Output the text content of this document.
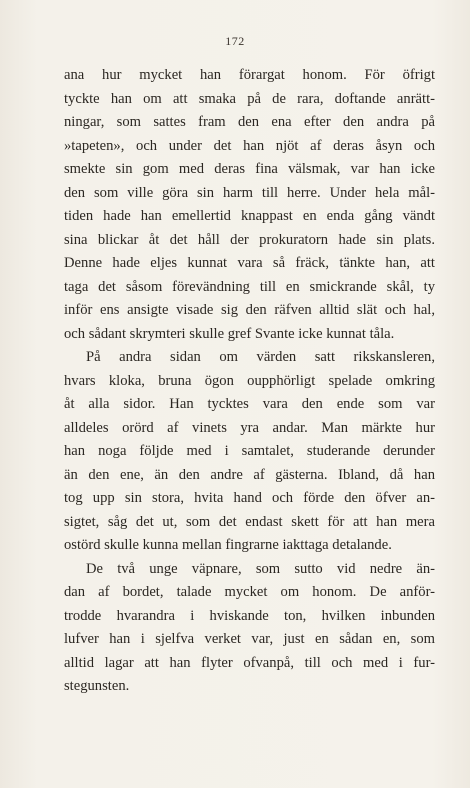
172
ana hur mycket han förargat honom. För öfrigt
tyckte han om att smaka på de rara, doftande anrätt-
ningar, som sattes fram den ena efter den andra på
»tapeten», och under det han njöt af deras åsyn och
smekte sin gom med deras fina välsmak, var han icke
den som ville göra sin harm till herre. Under hela mål-
tiden hade han emellertid knappast en enda gång vändt
sina blickar åt det håll der prokuratorn hade sin plats.
Denne hade eljes kunnat vara så fräck, tänkte han, att
taga det såsom förevändning till en smickrande skål, ty
inför ens ansigte visade sig den räfven alltid slät och hal,
och sådant skrymteri skulle gref Svante icke kunnat tåla.
På andra sidan om värden satt rikskansleren,
hvars kloka, bruna ögon oupphörligt spelade omkring
åt alla sidor. Han tycktes vara den ende som var
alldeles orörd af vinets yra andar. Man märkte hur
han noga följde med i samtalet, studerande derunder
än den ene, än den andre af gästerna. Ibland, då han
tog upp sin stora, hvita hand och förde den öfver an-
sigtet, såg det ut, som det endast skett för att han mera
ostörd skulle kunna mellan fingrarne iakttaga detalande.
De två unge väpnare, som sutto vid nedre än-
dan af bordet, talade mycket om honom. De anför-
trodde hvarandra i hviskande ton, hvilken inbunden
lufver han i sjelfva verket var, just en sådan en, som
alltid lagar att han flyter ofvanpå, till och med i fur-
stegunsten.
